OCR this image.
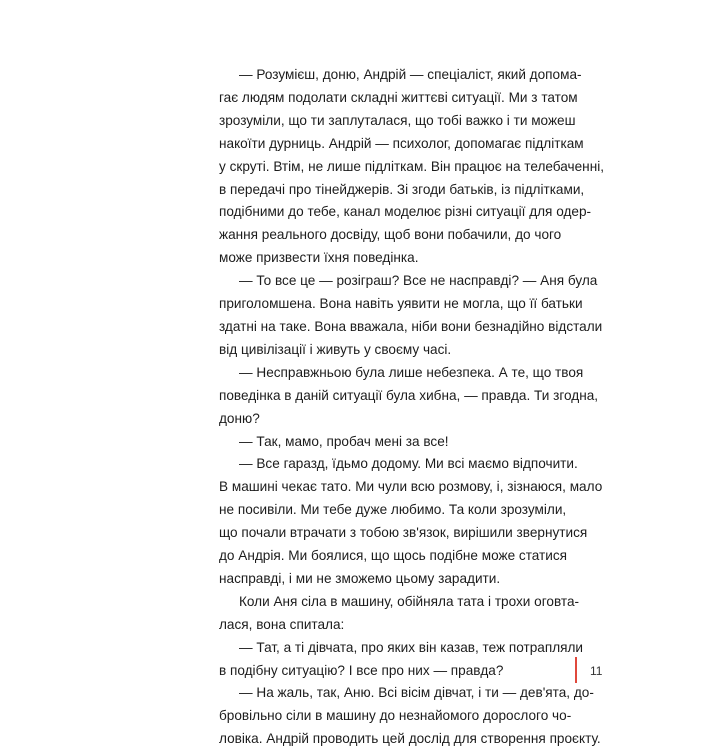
— Розумієш, доню, Андрій — спеціаліст, який допома-
гає людям подолати складні життєві ситуації. Ми з татом
зрозуміли, що ти заплуталася, що тобі важко і ти можеш
накоїти дурниць. Андрій — психолог, допомагає підліткам
у скруті. Втім, не лише підліткам. Він працює на телебаченні,
в передачі про тінейджерів. Зі згоди батьків, із підлітками,
подібними до тебе, канал моделює різні ситуації для одер-
жання реального досвіду, щоб вони побачили, до чого
може призвести їхня поведінка.

— То все це — розіграш? Все не насправді? — Аня була
приголомшена. Вона навіть уявити не могла, що її батьки
здатні на таке. Вона вважала, ніби вони безнадійно відстали
від цивілізації і живуть у своєму часі.

— Несправжньою була лише небезпека. А те, що твоя
поведінка в даній ситуації була хибна, — правда. Ти згодна,
доню?

— Так, мамо, пробач мені за все!

— Все гаразд, їдьмо додому. Ми всі маємо відпочити.
В машині чекає тато. Ми чули всю розмову, і, зізнаюся, мало
не посивіли. Ми тебе дуже любимо. Та коли зрозуміли,
що почали втрачати з тобою зв'язок, вирішили звернутися
до Андрія. Ми боялися, що щось подібне може статися
насправді, і ми не зможемо цьому зарадити.

Коли Аня сіла в машину, обійняла тата і трохи оговта-
лася, вона спитала:

— Тат, а ті дівчата, про яких він казав, теж потрапляли
в подібну ситуацію? І все про них — правда?

— На жаль, так, Аню. Всі вісім дівчат, і ти — дев'ята, до-
бровільно сіли в машину до незнайомого дорослого чо-
ловіка. Андрій проводить цей дослід для створення проєкту.

11
